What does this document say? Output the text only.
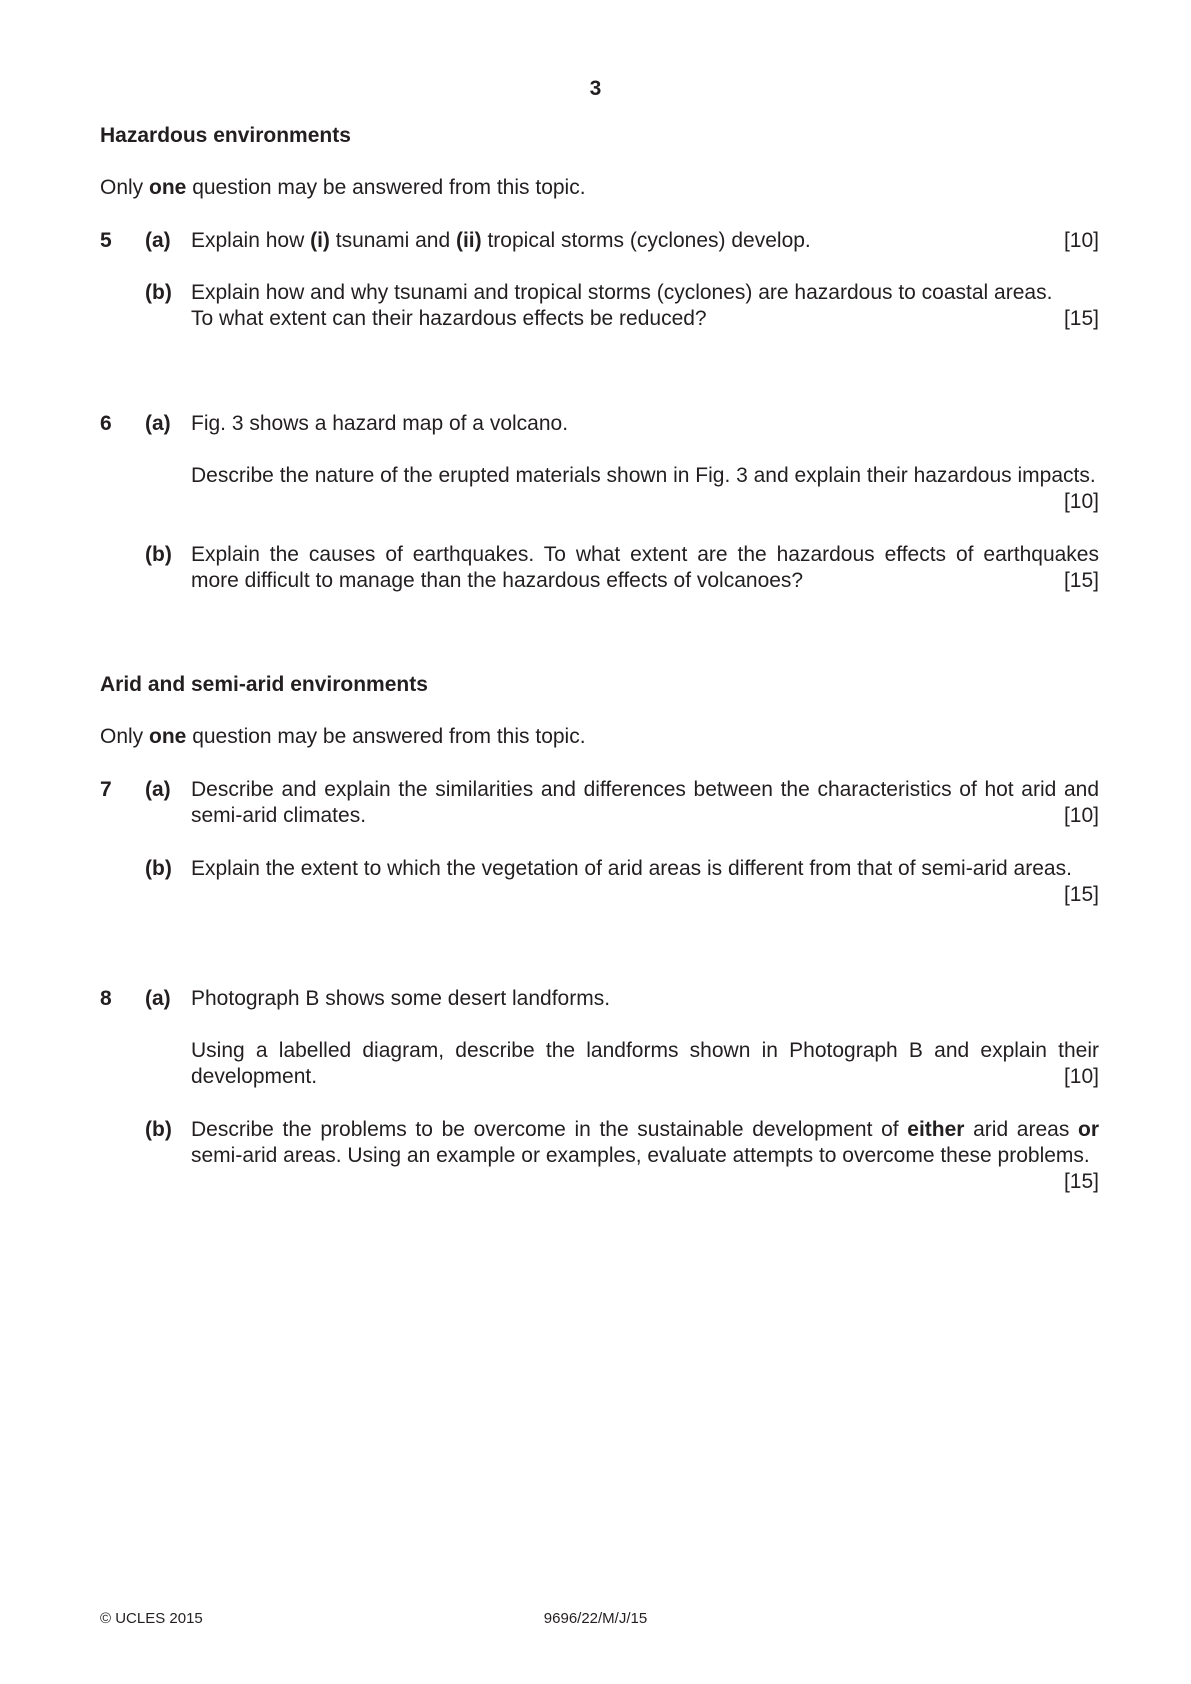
3
Hazardous environments
Only one question may be answered from this topic.
5 (a)	[10]
Explain how (i) tsunami and (ii) tropical storms (cyclones) develop.
(b) Explain how and why tsunami and tropical storms (cyclones) are hazardous to coastal areas.
[15]
To what extent can their hazardous effects be reduced?
6 (a) Fig. 3 shows a hazard map of a volcano.
Describe the nature of the erupted materials shown in Fig. 3 and explain their hazardous impacts.
[10]
(b) Explain the causes of earthquakes. To what extent are the hazardous effects of earthquakes more difficult to manage than the hazardous effects of volcanoes?	[15]
Arid and semi-arid environments
Only one question may be answered from this topic.
7 (a) Describe and explain the similarities and differences between the characteristics of hot arid and semi-arid climates.	[10]
(b) Explain the extent to which the vegetation of arid areas is different from that of semi-arid areas.
[15]
8 (a) Photograph B shows some desert landforms.
Using a labelled diagram, describe the landforms shown in Photograph B and explain their development.	[10]
(b) Describe the problems to be overcome in the sustainable development of either arid areas or semi-arid areas. Using an example or examples, evaluate attempts to overcome these problems.
[15]
© UCLES 2015	9696/22/M/J/15
